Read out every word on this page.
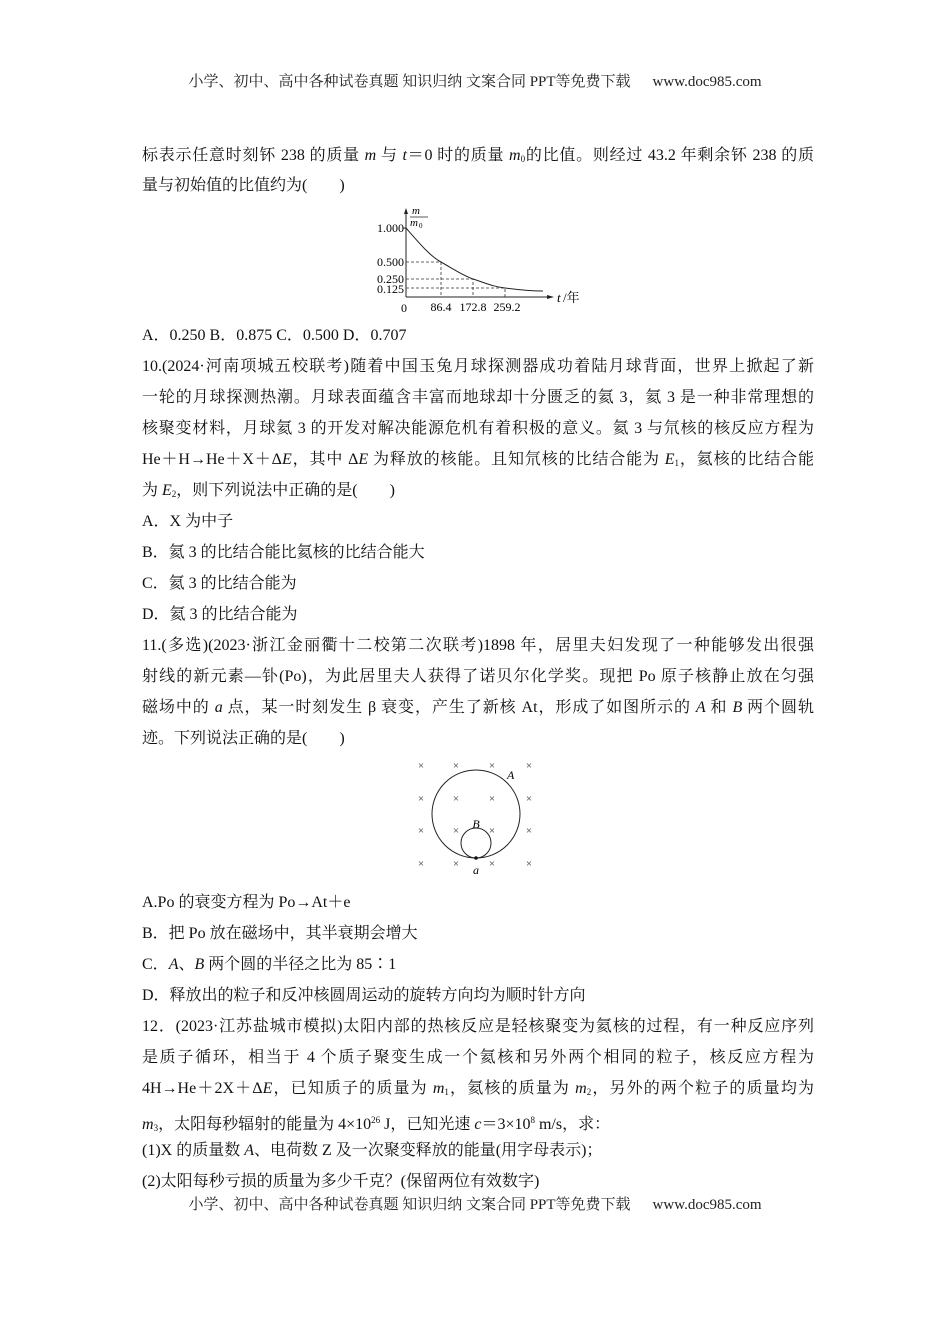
小学、初中、高中各种试卷真题 知识归纳 文案合同 PPT等免费下载 www.doc985.com
标表示任意时刻钚 238 的质量 m 与 t＝0 时的质量 $m_0$的比值。则经过 43.2 年剩余钚 238 的质
量与初始值的比值约为(　　)
m
m 0
1.000
0.500
0.250
0.125
0 86.4 172.8 259.2
t /年
A．0.250 B．0.875 C．0.500 D．0.707
10.(2024·河南项城五校联考)随着中国玉兔月球探测器成功着陆月球背面，世界上掀起了新
一轮的月球探测热潮。月球表面蕴含丰富而地球却十分匮乏的氦 3，氦 3 是一种非常理想的
核聚变材料，月球氦 3 的开发对解决能源危机有着积极的意义。氦 3 与氘核的核反应方程为
He＋H→He＋X＋ΔE，其中 ΔE 为释放的核能。且知氘核的比结合能为 $E_1$，氦核的比结合能
为 $E_2$，则下列说法中正确的是(　　)
A．X 为中子
B．氦 3 的比结合能比氦核的比结合能大
C．氦 3 的比结合能为
D．氦 3 的比结合能为
11.(多选)(2023·浙江金丽衢十二校第二次联考)1898 年，居里夫妇发现了一种能够发出很强
射线的新元素—钋(Po)，为此居里夫人获得了诺贝尔化学奖。现把 Po 原子核静止放在匀强
磁场中的 a 点，某一时刻发生 β 衰变，产生了新核 At，形成了如图所示的 A 和 B 两个圆轨
迹。下列说法正确的是(　　)
×	×	×	×
×	×	×	×
×	×	×	×
×	×	×	×
A
B
a
A.Po 的衰变方程为 Po→At＋e
B．把 Po 放在磁场中，其半衰期会增大
C．A、B 两个圆的半径之比为 85∶1
D．释放出的粒子和反冲核圆周运动的旋转方向均为顺时针方向
12．(2023·江苏盐城市模拟)太阳内部的热核反应是轻核聚变为氦核的过程，有一种反应序列
是质子循环，相当于 4 个质子聚变生成一个氦核和另外两个相同的粒子，核反应方程为
4H→He＋2X＋ΔE，已知质子的质量为 $m_1$，氦核的质量为 $m_2$，另外的两个粒子的质量均为
$m_3$，太阳每秒辐射的能量为 $4\times 10^{26}$ J，已知光速 $c=3\times 10^8$ m/s，求：
(1)X 的质量数 A、电荷数 Z 及一次聚变释放的能量(用字母表示)；
(2)太阳每秒亏损的质量为多少千克？(保留两位有效数字)
小学、初中、高中各种试卷真题 知识归纳 文案合同 PPT等免费下载 www.doc985.com
